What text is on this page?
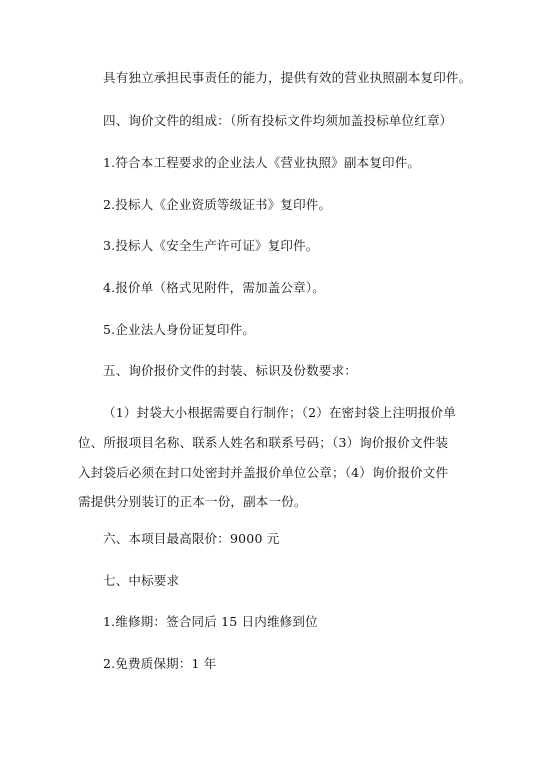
具有独立承担民事责任的能力，提供有效的营业执照副本复印件。
四、询价文件的组成：（所有投标文件均须加盖投标单位红章）
1.符合本工程要求的企业法人《营业执照》副本复印件。
2.投标人《企业资质等级证书》复印件。
3.投标人《安全生产许可证》复印件。
4.报价单（格式见附件，需加盖公章）。
5.企业法人身份证复印件。
五、询价报价文件的封装、标识及份数要求：
（1）封袋大小根据需要自行制作；（2）在密封袋上注明报价单
位、所报项目名称、联系人姓名和联系号码；（3）询价报价文件装
入封袋后必须在封口处密封并盖报价单位公章；（4）询价报价文件
需提供分别装订的正本一份，副本一份。
六、本项目最高限价：9000 元
七、中标要求
1.维修期：签合同后 15 日内维修到位
2.免费质保期：1 年
